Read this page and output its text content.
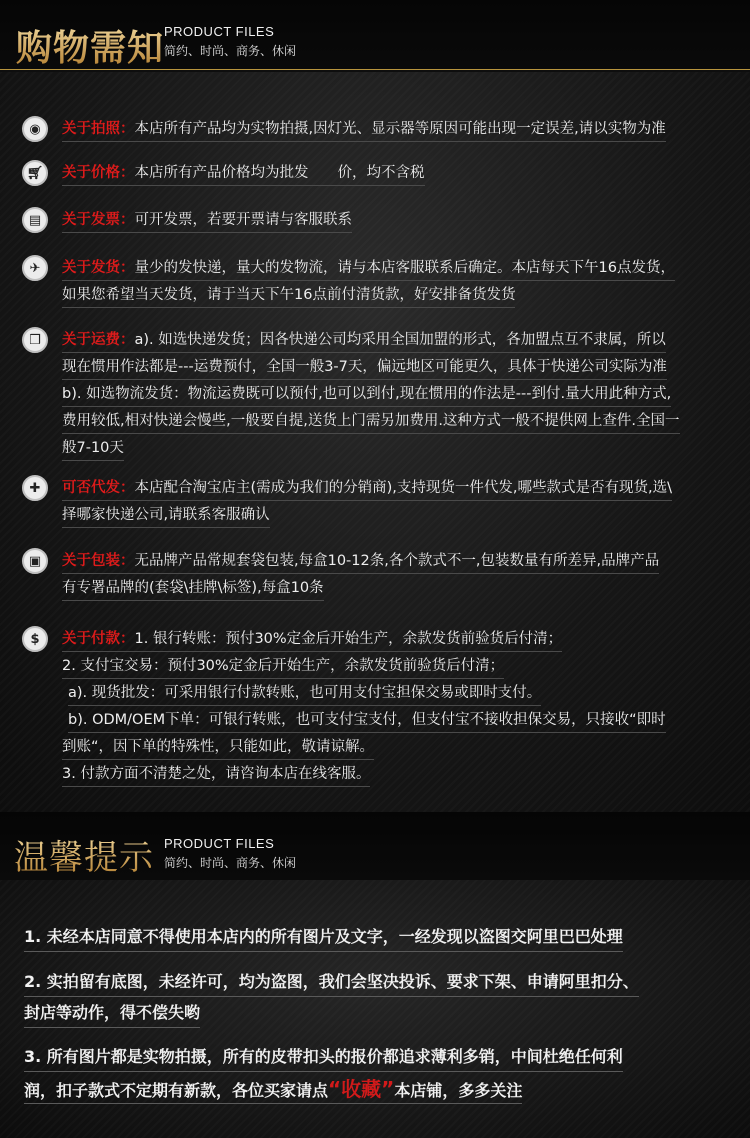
购物需知 PRODUCT FILES
简约、时尚、商务、休闲
◉	关于拍照：本店所有产品均为实物拍摄,因灯光、显示器等原因可能出现一定误差,请以实物为准
🛒︎	关于价格：本店所有产品价格均为批发　　价，均不含税
▤	关于发票：可开发票，若要开票请与客服联系
✈	关于发货：量少的发快递，量大的发物流，请与本店客服联系后确定。本店每天下午16点发货，
如果您希望当天发货，请于当天下午16点前付清货款，好安排备货发货
❒	关于运费：a). 如选快递发货；因各快递公司均采用全国加盟的形式，各加盟点互不隶属，所以
现在惯用作法都是---运费预付，全国一般3-7天，偏远地区可能更久，具体于快递公司实际为准
b). 如选物流发货：物流运费既可以预付,也可以到付,现在惯用的作法是---到付.量大用此种方式,
费用较低,相对快递会慢些,一般要自提,送货上门需另加费用.这种方式一般不提供网上查件.全国一
般7-10天
✚	可否代发：本店配合淘宝店主(需成为我们的分销商),支持现货一件代发,哪些款式是否有现货,选\
择哪家快递公司,请联系客服确认
▣	关于包装：无品牌产品常规套袋包装,每盒10-12条,各个款式不一,包装数量有所差异,品牌产品
有专署品牌的(套袋\挂牌\标签),每盒10条
$	关于付款：1. 银行转账：预付30%定金后开始生产，余款发货前验货后付清；
2. 支付宝交易：预付30%定金后开始生产，余款发货前验货后付清；
a). 现货批发：可采用银行付款转账，也可用支付宝担保交易或即时支付。
b). ODM/OEM下单：可银行转账，也可支付宝支付，但支付宝不接收担保交易，只接收“即时
到账“，因下单的特殊性，只能如此，敬请谅解。
3. 付款方面不清楚之处，请咨询本店在线客服。
温馨提示 PRODUCT FILES
简约、时尚、商务、休闲
1. 未经本店同意不得使用本店内的所有图片及文字，一经发现以盗图交阿里巴巴处理
2. 实拍留有底图，未经许可，均为盗图，我们会坚决投诉、要求下架、申请阿里扣分、
封店等动作，得不偿失哟
3. 所有图片都是实物拍摄，所有的皮带扣头的报价都追求薄利多销，中间杜绝任何利
润，扣子款式不定期有新款，各位买家请点“收藏”本店铺，多多关注
